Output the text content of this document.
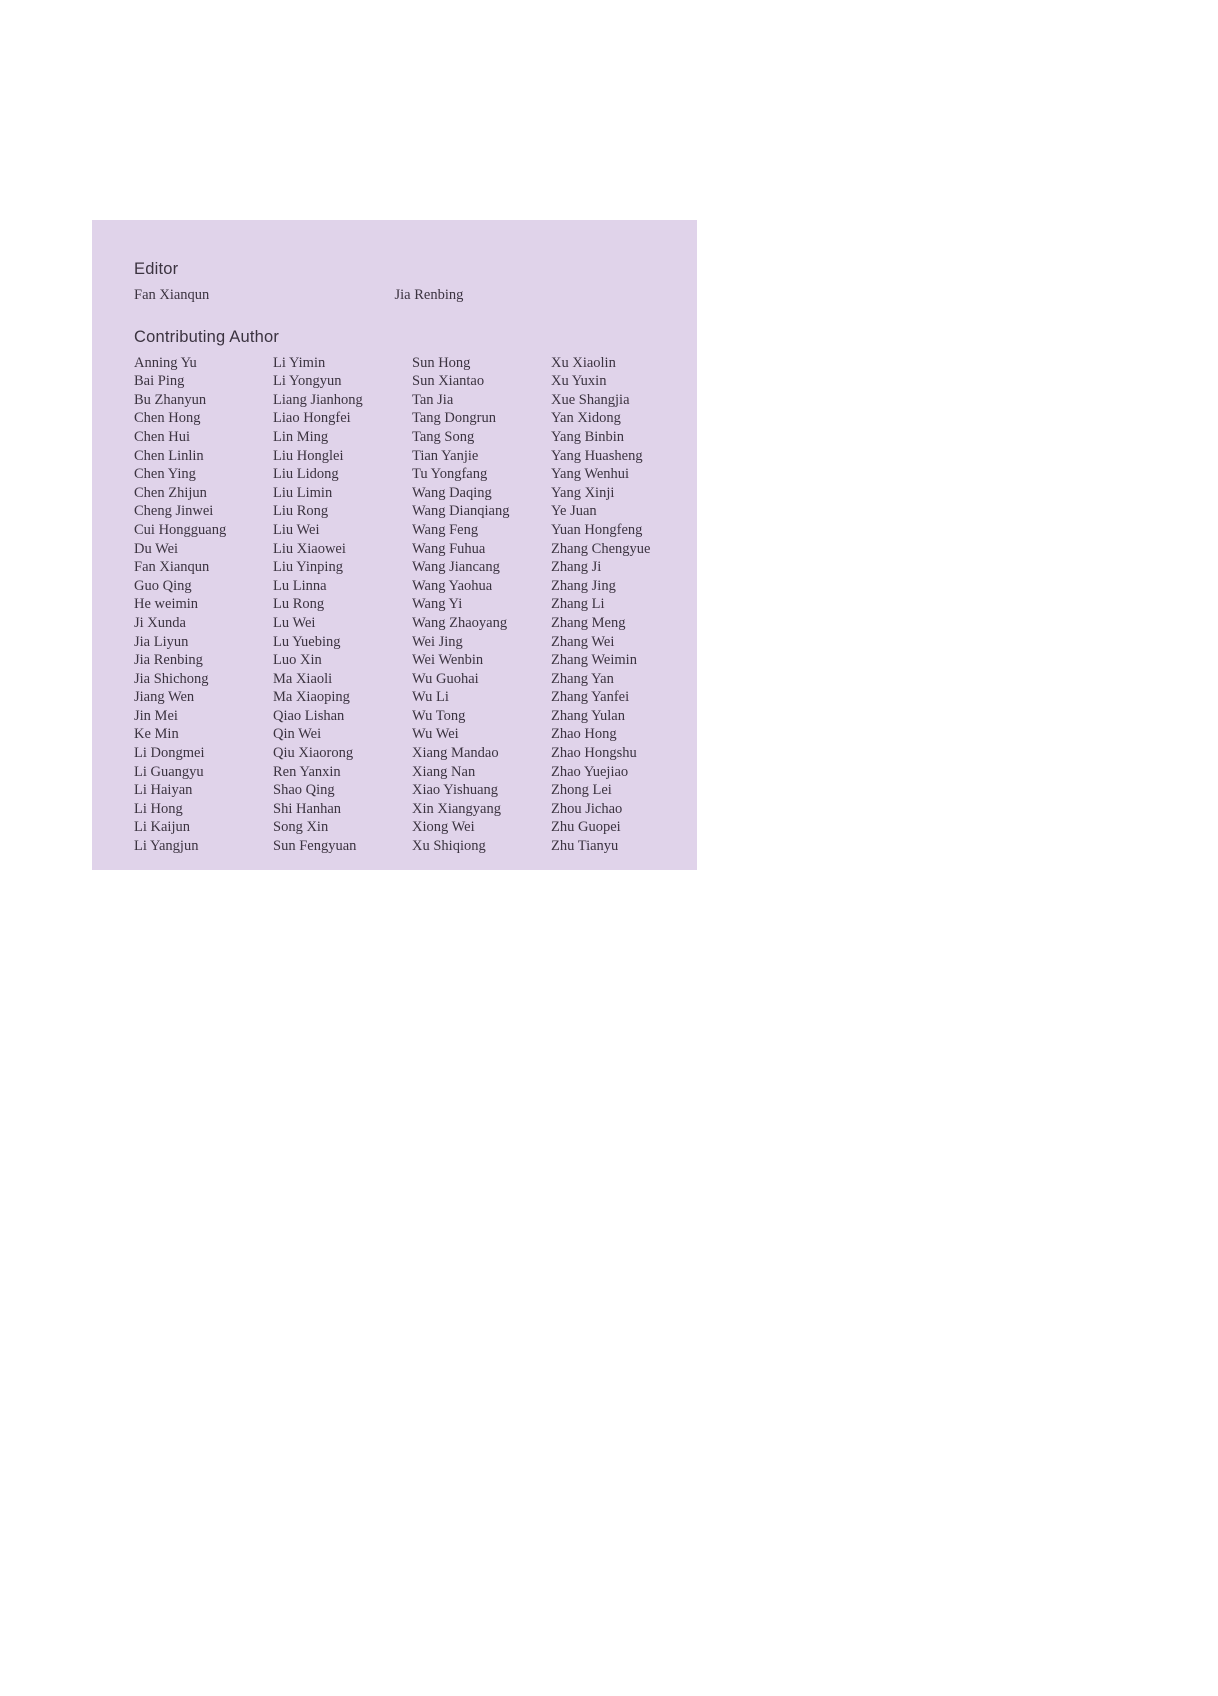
Editor
Fan Xianqun	Jia Renbing
Contributing Author
Anning Yu
Bai Ping
Bu Zhanyun
Chen Hong
Chen Hui
Chen Linlin
Chen Ying
Chen Zhijun
Cheng Jinwei
Cui Hongguang
Du Wei
Fan Xianqun
Guo Qing
He weimin
Ji Xunda
Jia Liyun
Jia Renbing
Jia Shichong
Jiang Wen
Jin Mei
Ke Min
Li Dongmei
Li Guangyu
Li Haiyan
Li Hong
Li Kaijun
Li Yangjun
Li Yimin
Li Yongyun
Liang Jianhong
Liao Hongfei
Lin Ming
Liu Honglei
Liu Lidong
Liu Limin
Liu Rong
Liu Wei
Liu Xiaowei
Liu Yinping
Lu Linna
Lu Rong
Lu Wei
Lu Yuebing
Luo Xin
Ma Xiaoli
Ma Xiaoping
Qiao Lishan
Qin Wei
Qiu Xiaorong
Ren Yanxin
Shao Qing
Shi Hanhan
Song Xin
Sun Fengyuan
Sun Hong
Sun Xiantao
Tan Jia
Tang Dongrun
Tang Song
Tian Yanjie
Tu Yongfang
Wang Daqing
Wang Dianqiang
Wang Feng
Wang Fuhua
Wang Jiancang
Wang Yaohua
Wang Yi
Wang Zhaoyang
Wei Jing
Wei Wenbin
Wu Guohai
Wu Li
Wu Tong
Wu Wei
Xiang Mandao
Xiang Nan
Xiao Yishuang
Xin Xiangyang
Xiong Wei
Xu Shiqiong
Xu Xiaolin
Xu Yuxin
Xue Shangjia
Yan Xidong
Yang Binbin
Yang Huasheng
Yang Wenhui
Yang Xinji
Ye Juan
Yuan Hongfeng
Zhang Chengyue
Zhang Ji
Zhang Jing
Zhang Li
Zhang Meng
Zhang Wei
Zhang Weimin
Zhang Yan
Zhang Yanfei
Zhang Yulan
Zhao Hong
Zhao Hongshu
Zhao Yuejiao
Zhong Lei
Zhou Jichao
Zhu Guopei
Zhu Tianyu
